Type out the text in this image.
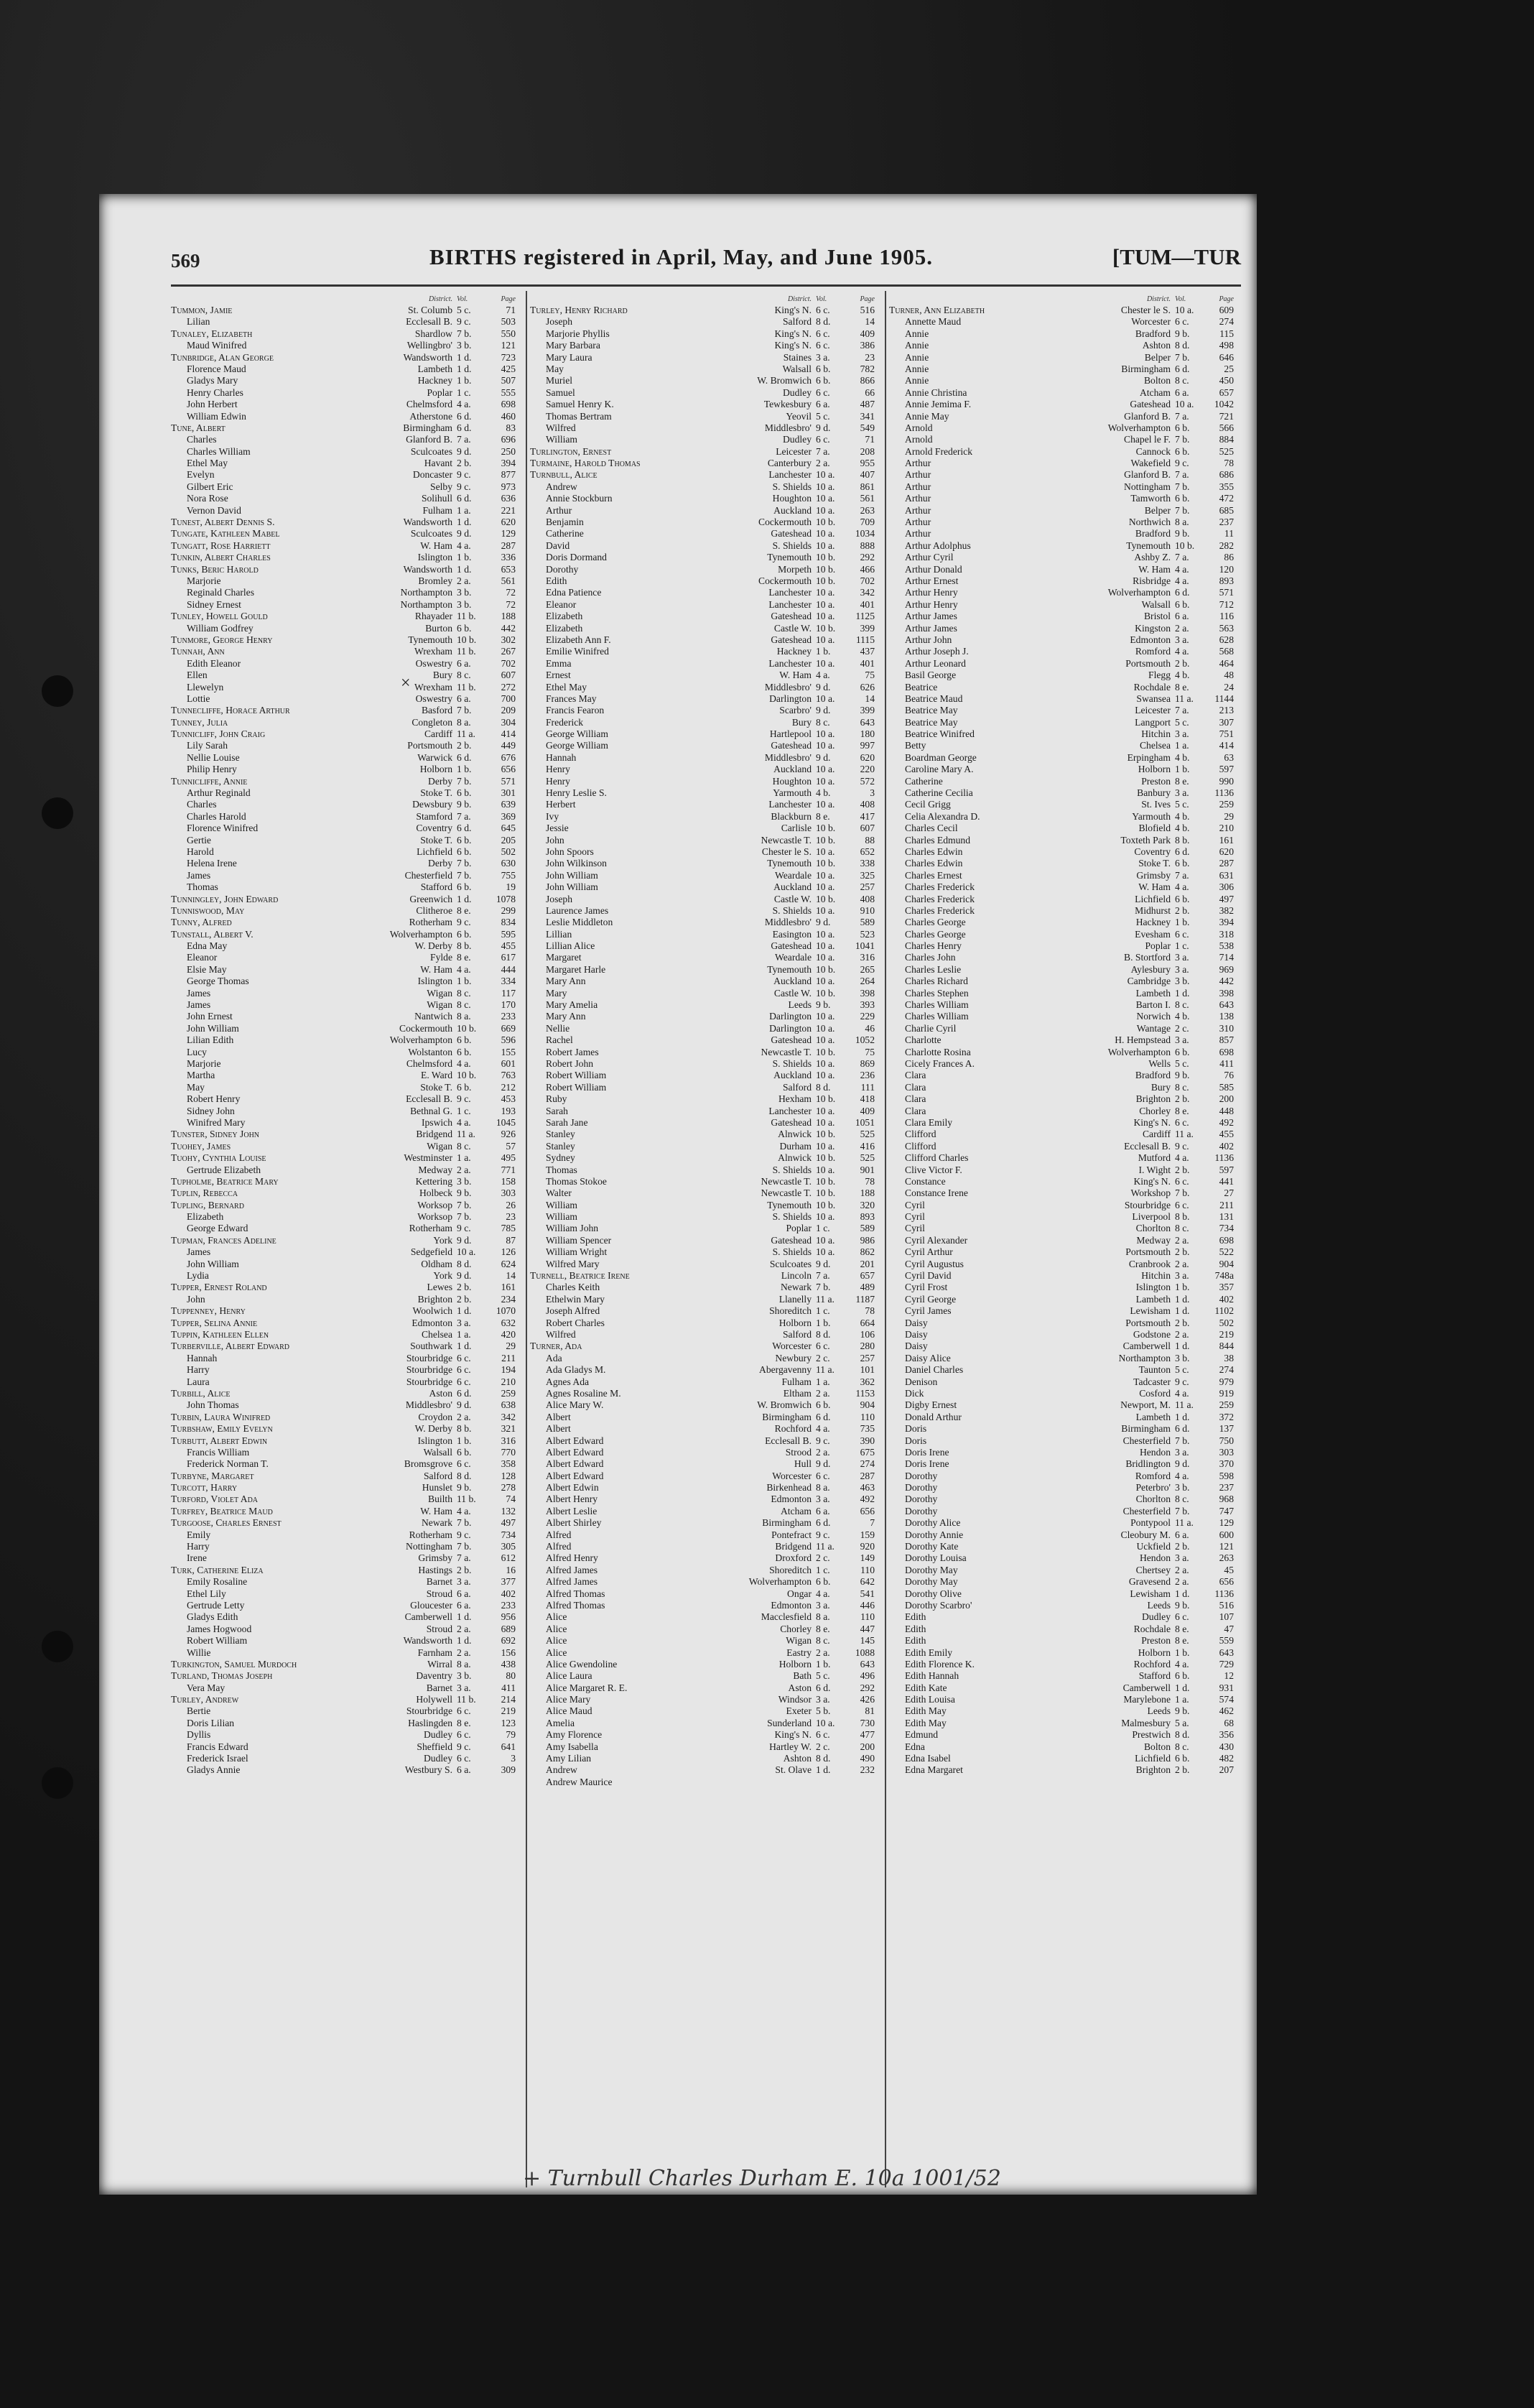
569	BIRTHS registered in April, May, and June 1905.	[TUM—TUR
District. Vol.	Page
Tummon, Jamie	St. Columb 5 c.	71
Lilian	Ecclesall B. 9 c.	503
Tunaley, Elizabeth	Shardlow 7 b.	550
Maud Winifred	Wellingbro' 3 b.	121
Tunbridge, Alan George	Wandsworth 1 d.	723
Florence Maud	Lambeth 1 d.	425
Gladys Mary	Hackney 1 b.	507
Henry Charles	Poplar 1 c.	555
John Herbert	Chelmsford 4 a.	698
William Edwin	Atherstone 6 d.	460
Tune, Albert	Birmingham 6 d.	83
Charles	Glanford B. 7 a.	696
Charles William	Sculcoates 9 d.	250
Ethel May	Havant 2 b.	394
Evelyn	Doncaster 9 c.	877
Gilbert Eric	Selby 9 c.	973
Nora Rose	Solihull 6 d.	636
Vernon David	Fulham 1 a.	221
Tunest, Albert Dennis S.	Wandsworth 1 d.	620
Tungate, Kathleen Mabel	Sculcoates 9 d.	129
Tungatt, Rose Harriett	W. Ham 4 a.	287
Tunkin, Albert Charles	Islington 1 b.	336
Tunks, Beric Harold	Wandsworth 1 d.	653
Marjorie	Bromley 2 a.	561
Reginald Charles	Northampton 3 b.	72
Sidney Ernest	Northampton 3 b.	72
Tunley, Howell Gould	Rhayader 11 b.	188
William Godfrey	Burton 6 b.	442
Tunmore, George Henry	Tynemouth 10 b.	302
Tunnah, Ann	Wrexham 11 b.	267
Edith Eleanor	Oswestry 6 a.	702
Ellen	Bury 8 c.	607
Llewelyn	Wrexham 11 b.	272
Lottie	Oswestry 6 a.	700
Tunnecliffe, Horace Arthur	Basford 7 b.	209
Tunney, Julia	Congleton 8 a.	304
Tunnicliff, John Craig	Cardiff 11 a.	414
Lily Sarah	Portsmouth 2 b.	449
Nellie Louise	Warwick 6 d.	676
Philip Henry	Holborn 1 b.	656
Tunnicliffe, Annie	Derby 7 b.	571
Arthur Reginald	Stoke T. 6 b.	301
Charles	Dewsbury 9 b.	639
Charles Harold	Stamford 7 a.	369
Florence Winifred	Coventry 6 d.	645
Gertie	Stoke T. 6 b.	205
Harold	Lichfield 6 b.	502
Helena Irene	Derby 7 b.	630
James	Chesterfield 7 b.	755
Thomas	Stafford 6 b.	19
Tunningley, John Edward	Greenwich 1 d.	1078
Tunniswood, May	Clitheroe 8 e.	299
Tunny, Alfred	Rotherham 9 c.	834
Tunstall, Albert V.	Wolverhampton 6 b.	595
Edna May	W. Derby 8 b.	455
Eleanor	Fylde 8 e.	617
Elsie May	W. Ham 4 a.	444
George Thomas	Islington 1 b.	334
James	Wigan 8 c.	117
James	Wigan 8 c.	170
John Ernest	Nantwich 8 a.	233
John William	Cockermouth 10 b.	669
Lilian Edith	Wolverhampton 6 b.	596
Lucy	Wolstanton 6 b.	155
Marjorie	Chelmsford 4 a.	601
Martha	E. Ward 10 b.	763
May	Stoke T. 6 b.	212
Robert Henry	Ecclesall B. 9 c.	453
Sidney John	Bethnal G. 1 c.	193
Winifred Mary	Ipswich 4 a.	1045
Tunster, Sidney John	Bridgend 11 a.	926
Tuohey, James	Wigan 8 c.	57
Tuohy, Cynthia Louise	Westminster 1 a.	495
Gertrude Elizabeth	Medway 2 a.	771
Tupholme, Beatrice Mary	Kettering 3 b.	158
Tuplin, Rebecca	Holbeck 9 b.	303
Tupling, Bernard	Worksop 7 b.	26
Elizabeth	Worksop 7 b.	23
George Edward	Rotherham 9 c.	785
Tupman, Frances Adeline	York 9 d.	87
James	Sedgefield 10 a.	126
John William	Oldham 8 d.	624
Lydia	York 9 d.	14
Tupper, Ernest Roland	Lewes 2 b.	161
John	Brighton 2 b.	234
Tuppenney, Henry	Woolwich 1 d.	1070
Tupper, Selina Annie	Edmonton 3 a.	632
Tuppin, Kathleen Ellen	Chelsea 1 a.	420
Turberville, Albert Edward	Southwark 1 d.	29
Hannah	Stourbridge 6 c.	211
Harry	Stourbridge 6 c.	194
Laura	Stourbridge 6 c.	210
Turbill, Alice	Aston 6 d.	259
John Thomas	Middlesbro' 9 d.	638
Turbin, Laura Winifred	Croydon 2 a.	342
Turbshaw, Emily Evelyn	W. Derby 8 b.	321
Turbutt, Albert Edwin	Islington 1 b.	316
Francis William	Walsall 6 b.	770
Frederick Norman T.	Bromsgrove 6 c.	358
Turbyne, Margaret	Salford 8 d.	128
Turcott, Harry	Hunslet 9 b.	278
Turford, Violet Ada	Builth 11 b.	74
Turfrey, Beatrice Maud	W. Ham 4 a.	132
Turgoose, Charles Ernest	Newark 7 b.	497
Emily	Rotherham 9 c.	734
Harry	Nottingham 7 b.	305
Irene	Grimsby 7 a.	612
Turk, Catherine Eliza	Hastings 2 b.	16
Emily Rosaline	Barnet 3 a.	377
Ethel Lily	Stroud 6 a.	402
Gertrude Letty	Gloucester 6 a.	233
Gladys Edith	Camberwell 1 d.	956
James Hogwood	Stroud 2 a.	689
Robert William	Wandsworth 1 d.	692
Willie	Farnham 2 a.	156
Turkington, Samuel Murdoch	Wirral 8 a.	438
Turland, Thomas Joseph	Daventry 3 b.	80
Vera May	Barnet 3 a.	411
Turley, Andrew	Holywell 11 b.	214
Bertie	Stourbridge 6 c.	219
Doris Lilian	Haslingden 8 e.	123
Dyllis	Dudley 6 c.	79
Francis Edward	Sheffield 9 c.	641
Frederick Israel	Dudley 6 c.	3
Gladys Annie	Westbury S. 6 a.	309
District. Vol.	Page
Turley, Henry Richard	King's N. 6 c.	516
Joseph	Salford 8 d.	14
Marjorie Phyllis	King's N. 6 c.	409
Mary Barbara	King's N. 6 c.	386
Mary Laura	Staines 3 a.	23
May	Walsall 6 b.	782
Muriel	W. Bromwich 6 b.	866
Samuel	Dudley 6 c.	66
Samuel Henry K.	Tewkesbury 6 a.	487
Thomas Bertram	Yeovil 5 c.	341
Wilfred	Middlesbro' 9 d.	549
William	Dudley 6 c.	71
Turlington, Ernest	Leicester 7 a.	208
Turmaine, Harold Thomas	Canterbury 2 a.	955
Turnbull, Alice	Lanchester 10 a.	407
Andrew	S. Shields 10 a.	861
Annie Stockburn	Houghton 10 a.	561
Arthur	Auckland 10 a.	263
Benjamin	Cockermouth 10 b.	709
Catherine	Gateshead 10 a.	1034
David	S. Shields 10 a.	888
Doris Dormand	Tynemouth 10 b.	292
Dorothy	Morpeth 10 b.	466
Edith	Cockermouth 10 b.	702
Edna Patience	Lanchester 10 a.	342
Eleanor	Lanchester 10 a.	401
Elizabeth	Gateshead 10 a.	1125
Elizabeth	Castle W. 10 b.	399
Elizabeth Ann F.	Gateshead 10 a.	1115
Emilie Winifred	Hackney 1 b.	437
Emma	Lanchester 10 a.	401
Ernest	W. Ham 4 a.	75
Ethel May	Middlesbro' 9 d.	626
Frances May	Darlington 10 a.	14
Francis Fearon	Scarbro' 9 d.	399
Frederick	Bury 8 c.	643
George William	Hartlepool 10 a.	180
George William	Gateshead 10 a.	997
Hannah	Middlesbro' 9 d.	620
Henry	Auckland 10 a.	220
Henry	Houghton 10 a.	572
Henry Leslie S.	Yarmouth 4 b.	3
Herbert	Lanchester 10 a.	408
Ivy	Blackburn 8 e.	417
Jessie	Carlisle 10 b.	607
John	Newcastle T. 10 b.	88
John Spoors	Chester le S. 10 a.	652
John Wilkinson	Tynemouth 10 b.	338
John William	Weardale 10 a.	325
John William	Auckland 10 a.	257
Joseph	Castle W. 10 b.	408
Laurence James	S. Shields 10 a.	910
Leslie Middleton	Middlesbro' 9 d.	589
Lillian	Easington 10 a.	523
Lillian Alice	Gateshead 10 a.	1041
Margaret	Weardale 10 a.	316
Margaret Harle	Tynemouth 10 b.	265
Mary Ann	Auckland 10 a.	264
Mary	Castle W. 10 b.	398
Mary Amelia	Leeds 9 b.	393
Mary Ann	Darlington 10 a.	229
Nellie	Darlington 10 a.	46
Rachel	Gateshead 10 a.	1052
Robert James	Newcastle T. 10 b.	75
Robert John	S. Shields 10 a.	869
Robert William	Auckland 10 a.	236
Robert William	Salford 8 d.	111
Ruby	Hexham 10 b.	418
Sarah	Lanchester 10 a.	409
Sarah Jane	Gateshead 10 a.	1051
Stanley	Alnwick 10 b.	525
Stanley	Durham 10 a.	416
Sydney	Alnwick 10 b.	525
Thomas	S. Shields 10 a.	901
Thomas Stokoe	Newcastle T. 10 b.	78
Walter	Newcastle T. 10 b.	188
William	Tynemouth 10 b.	320
William	S. Shields 10 a.	893
William John	Poplar 1 c.	589
William Spencer	Gateshead 10 a.	986
William Wright	S. Shields 10 a.	862
Wilfred Mary	Sculcoates 9 d.	201
Turnell, Beatrice Irene	Lincoln 7 a.	657
Charles Keith	Newark 7 b.	489
Ethelwin Mary	Llanelly 11 a.	1187
Joseph Alfred	Shoreditch 1 c.	78
Robert Charles	Holborn 1 b.	664
Wilfred	Salford 8 d.	106
Turner, Ada	Worcester 6 c.	280
Ada	Newbury 2 c.	257
Ada Gladys M.	Abergavenny 11 a.	101
Agnes Ada	Fulham 1 a.	362
Agnes Rosaline M.	Eltham 2 a.	1153
Alice Mary W.	W. Bromwich 6 b.	904
Albert	Birmingham 6 d.	110
Albert	Rochford 4 a.	735
Albert Edward	Ecclesall B. 9 c.	390
Albert Edward	Strood 2 a.	675
Albert Edward	Hull 9 d.	274
Albert Edward	Worcester 6 c.	287
Albert Edwin	Birkenhead 8 a.	463
Albert Henry	Edmonton 3 a.	492
Albert Leslie	Atcham 6 a.	656
Albert Shirley	Birmingham 6 d.	7
Alfred	Pontefract 9 c.	159
Alfred	Bridgend 11 a.	920
Alfred Henry	Droxford 2 c.	149
Alfred James	Shoreditch 1 c.	110
Alfred James	Wolverhampton 6 b.	642
Alfred Thomas	Ongar 4 a.	541
Alfred Thomas	Edmonton 3 a.	446
Alice	Macclesfield 8 a.	110
Alice	Chorley 8 e.	447
Alice	Wigan 8 c.	145
Alice	Eastry 2 a.	1088
Alice Gwendoline	Holborn 1 b.	643
Alice Laura	Bath 5 c.	496
Alice Margaret R. E.	Aston 6 d.	292
Alice Mary	Windsor 3 a.	426
Alice Maud	Exeter 5 b.	81
Amelia	Sunderland 10 a.	730
Amy Florence	King's N. 6 c.	477
Amy Isabella	Hartley W. 2 c.	200
Amy Lilian	Ashton 8 d.	490
Andrew	St. Olave 1 d.	232
Andrew Maurice
District. Vol.	Page
Turner, Ann Elizabeth	Chester le S. 10 a.	609
Annette Maud	Worcester 6 c.	274
Annie	Bradford 9 b.	115
Annie	Ashton 8 d.	498
Annie	Belper 7 b.	646
Annie	Birmingham 6 d.	25
Annie	Bolton 8 c.	450
Annie Christina	Atcham 6 a.	657
Annie Jemima F.	Gateshead 10 a.	1042
Annie May	Glanford B. 7 a.	721
Arnold	Wolverhampton 6 b.	566
Arnold	Chapel le F. 7 b.	884
Arnold Frederick	Cannock 6 b.	525
Arthur	Wakefield 9 c.	78
Arthur	Glanford B. 7 a.	686
Arthur	Nottingham 7 b.	355
Arthur	Tamworth 6 b.	472
Arthur	Belper 7 b.	685
Arthur	Northwich 8 a.	237
Arthur	Bradford 9 b.	11
Arthur Adolphus	Tynemouth 10 b.	282
Arthur Cyril	Ashby Z. 7 a.	86
Arthur Donald	W. Ham 4 a.	120
Arthur Ernest	Risbridge 4 a.	893
Arthur Henry	Wolverhampton 6 d.	571
Arthur Henry	Walsall 6 b.	712
Arthur James	Bristol 6 a.	116
Arthur James	Kingston 2 a.	563
Arthur John	Edmonton 3 a.	628
Arthur Joseph J.	Romford 4 a.	568
Arthur Leonard	Portsmouth 2 b.	464
Basil George	Flegg 4 b.	48
Beatrice	Rochdale 8 e.	24
Beatrice Maud	Swansea 11 a.	1144
Beatrice May	Leicester 7 a.	213
Beatrice May	Langport 5 c.	307
Beatrice Winifred	Hitchin 3 a.	751
Betty	Chelsea 1 a.	414
Boardman George	Erpingham 4 b.	63
Caroline Mary A.	Holborn 1 b.	597
Catherine	Preston 8 e.	990
Catherine Cecilia	Banbury 3 a.	1136
Cecil Grigg	St. Ives 5 c.	259
Celia Alexandra D.	Yarmouth 4 b.	29
Charles Cecil	Blofield 4 b.	210
Charles Edmund	Toxteth Park 8 b.	161
Charles Edwin	Coventry 6 d.	620
Charles Edwin	Stoke T. 6 b.	287
Charles Ernest	Grimsby 7 a.	631
Charles Frederick	W. Ham 4 a.	306
Charles Frederick	Lichfield 6 b.	497
Charles Frederick	Midhurst 2 b.	382
Charles George	Hackney 1 b.	394
Charles George	Evesham 6 c.	318
Charles Henry	Poplar 1 c.	538
Charles John	B. Stortford 3 a.	714
Charles Leslie	Aylesbury 3 a.	969
Charles Richard	Cambridge 3 b.	442
Charles Stephen	Lambeth 1 d.	398
Charles William	Barton I. 8 c.	643
Charles William	Norwich 4 b.	138
Charlie Cyril	Wantage 2 c.	310
Charlotte	H. Hempstead 3 a.	857
Charlotte Rosina	Wolverhampton 6 b.	698
Cicely Frances A.	Wells 5 c.	411
Clara	Bradford 9 b.	76
Clara	Bury 8 c.	585
Clara	Brighton 2 b.	200
Clara	Chorley 8 e.	448
Clara Emily	King's N. 6 c.	492
Clifford	Cardiff 11 a.	455
Clifford	Ecclesall B. 9 c.	402
Clifford Charles	Mutford 4 a.	1136
Clive Victor F.	I. Wight 2 b.	597
Constance	King's N. 6 c.	441
Constance Irene	Workshop 7 b.	27
Cyril	Stourbridge 6 c.	211
Cyril	Liverpool 8 b.	131
Cyril	Chorlton 8 c.	734
Cyril Alexander	Medway 2 a.	698
Cyril Arthur	Portsmouth 2 b.	522
Cyril Augustus	Cranbrook 2 a.	904
Cyril David	Hitchin 3 a.	748a
Cyril Frost	Islington 1 b.	357
Cyril George	Lambeth 1 d.	402
Cyril James	Lewisham 1 d.	1102
Daisy	Portsmouth 2 b.	502
Daisy	Godstone 2 a.	219
Daisy	Camberwell 1 d.	844
Daisy Alice	Northampton 3 b.	38
Daniel Charles	Taunton 5 c.	274
Denison	Tadcaster 9 c.	979
Dick	Cosford 4 a.	919
Digby Ernest	Newport, M. 11 a.	259
Donald Arthur	Lambeth 1 d.	372
Doris	Birmingham 6 d.	137
Doris	Chesterfield 7 b.	750
Doris Irene	Hendon 3 a.	303
Doris Irene	Bridlington 9 d.	370
Dorothy	Romford 4 a.	598
Dorothy	Peterbro' 3 b.	237
Dorothy	Chorlton 8 c.	968
Dorothy	Chesterfield 7 b.	747
Dorothy Alice	Pontypool 11 a.	129
Dorothy Annie	Cleobury M. 6 a.	600
Dorothy Kate	Uckfield 2 b.	121
Dorothy Louisa	Hendon 3 a.	263
Dorothy May	Chertsey 2 a.	45
Dorothy May	Gravesend 2 a.	656
Dorothy Olive	Lewisham 1 d.	1136
Dorothy Scarbro'	Leeds 9 b.	516
Edith	Dudley 6 c.	107
Edith	Rochdale 8 e.	47
Edith	Preston 8 e.	559
Edith Emily	Holborn 1 b.	643
Edith Florence K.	Rochford 4 a.	729
Edith Hannah	Stafford 6 b.	12
Edith Kate	Camberwell 1 d.	931
Edith Louisa	Marylebone 1 a.	574
Edith May	Leeds 9 b.	462
Edith May	Malmesbury 5 a.	68
Edmund	Prestwich 8 d.	356
Edna	Bolton 8 c.	430
Edna Isabel	Lichfield 6 b.	482
Edna Margaret	Brighton 2 b.	207
×
+ Turnbull Charles Durham E. 10a 1001/52
